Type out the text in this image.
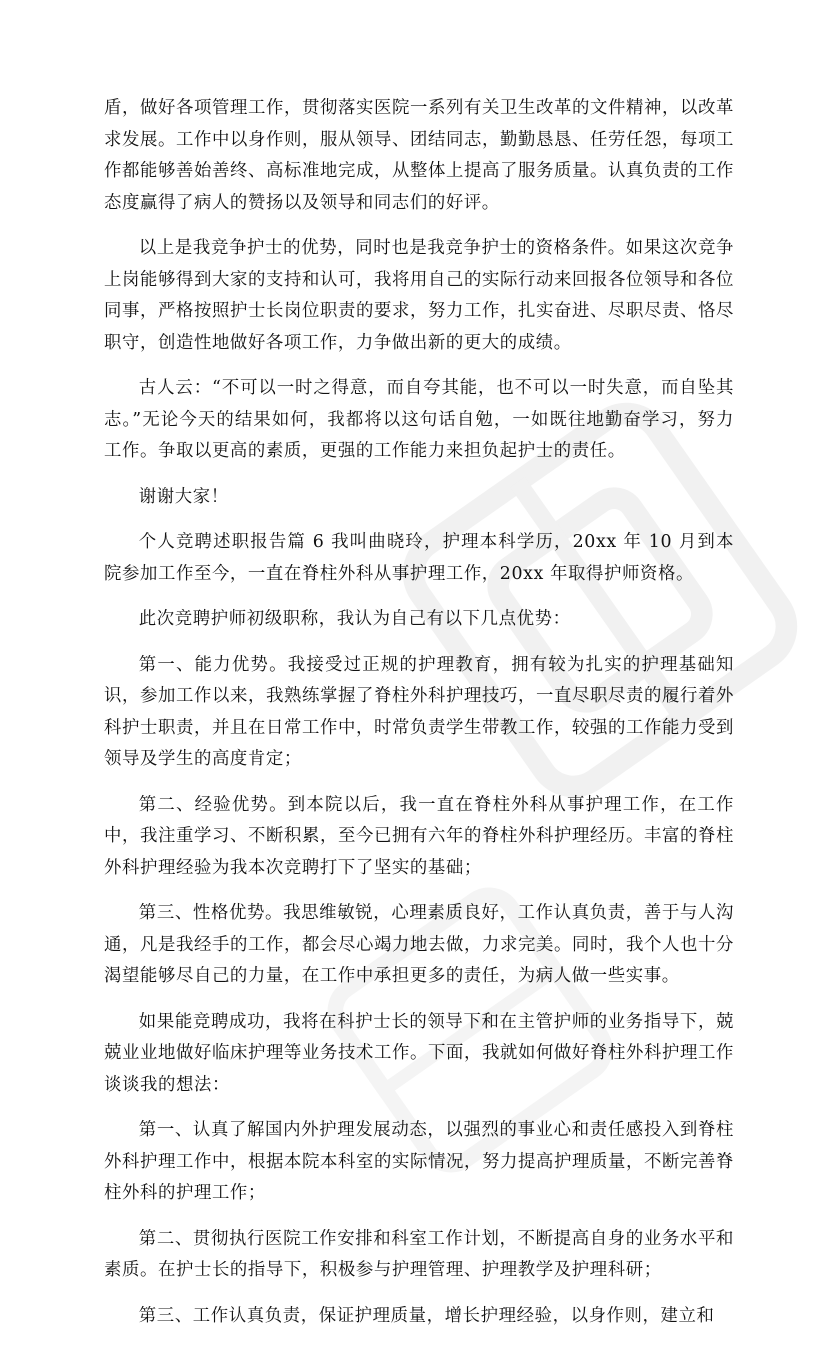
盾，做好各项管理工作，贯彻落实医院一系列有关卫生改革的文件精神，以改革求发展。工作中以身作则，服从领导、团结同志，勤勤恳恳、任劳任怨，每项工作都能够善始善终、高标准地完成，从整体上提高了服务质量。认真负责的工作态度赢得了病人的赞扬以及领导和同志们的好评。

以上是我竞争护士的优势，同时也是我竞争护士的资格条件。如果这次竞争上岗能够得到大家的支持和认可，我将用自己的实际行动来回报各位领导和各位同事，严格按照护士长岗位职责的要求，努力工作，扎实奋进、尽职尽责、恪尽职守，创造性地做好各项工作，力争做出新的更大的成绩。

古人云：“不可以一时之得意，而自夸其能，也不可以一时失意，而自坠其志。”无论今天的结果如何，我都将以这句话自勉，一如既往地勤奋学习，努力工作。争取以更高的素质，更强的工作能力来担负起护士的责任。

谢谢大家！

个人竞聘述职报告篇 6 我叫曲晓玲，护理本科学历，20xx 年 10 月到本院参加工作至今，一直在脊柱外科从事护理工作，20xx 年取得护师资格。

此次竞聘护师初级职称，我认为自己有以下几点优势：

第一、能力优势。我接受过正规的护理教育，拥有较为扎实的护理基础知识，参加工作以来，我熟练掌握了脊柱外科护理技巧，一直尽职尽责的履行着外科护士职责，并且在日常工作中，时常负责学生带教工作，较强的工作能力受到领导及学生的高度肯定；

第二、经验优势。到本院以后，我一直在脊柱外科从事护理工作，在工作中，我注重学习、不断积累，至今已拥有六年的脊柱外科护理经历。丰富的脊柱外科护理经验为我本次竞聘打下了坚实的基础；

第三、性格优势。我思维敏锐，心理素质良好，工作认真负责，善于与人沟通，凡是我经手的工作，都会尽心竭力地去做，力求完美。同时，我个人也十分渴望能够尽自己的力量，在工作中承担更多的责任，为病人做一些实事。

如果能竞聘成功，我将在科护士长的领导下和在主管护师的业务指导下，兢兢业业地做好临床护理等业务技术工作。下面，我就如何做好脊柱外科护理工作谈谈我的想法：

第一、认真了解国内外护理发展动态，以强烈的事业心和责任感投入到脊柱外科护理工作中，根据本院本科室的实际情况，努力提高护理质量，不断完善脊柱外科的护理工作；

第二、贯彻执行医院工作安排和科室工作计划，不断提高自身的业务水平和素质。在护士长的指导下，积极参与护理管理、护理教学及护理科研；

第三、工作认真负责，保证护理质量，增长护理经验，以身作则，建立和
